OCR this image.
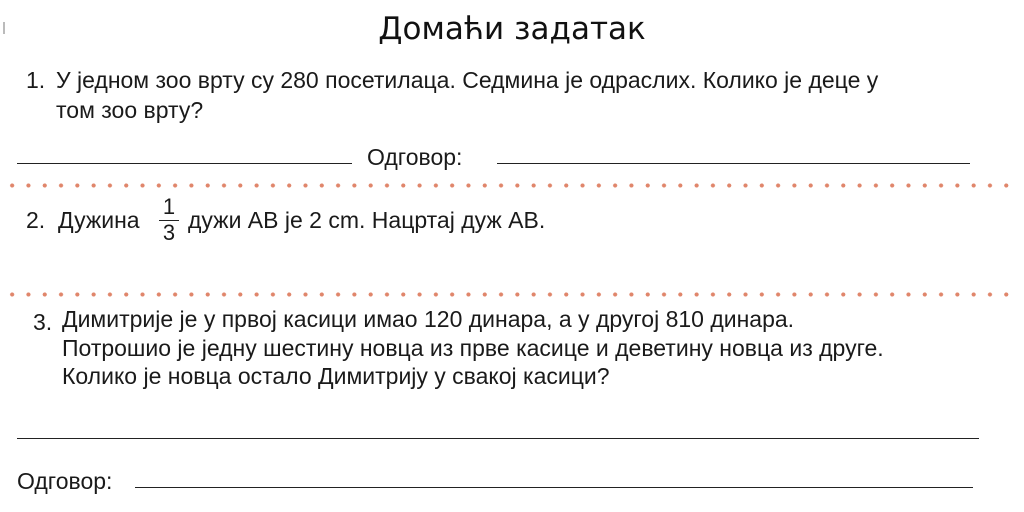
Домаћи задатак
1. У једном зоо врту су 280 посетилаца. Седмина је одраслих. Колико је деце у
том зоо врту?
Одговор:
2. Дужина
1
3 дужи AB је 2 cm. Нацртај дуж AB.
3. Димитрије је у првој касици имао 120 динара, а у другој 810 динара.
Потрошио је једну шестину новца из прве касице и деветину новца из друге.
Колико је новца остало Димитрију у свакој касици?
Одговор:
